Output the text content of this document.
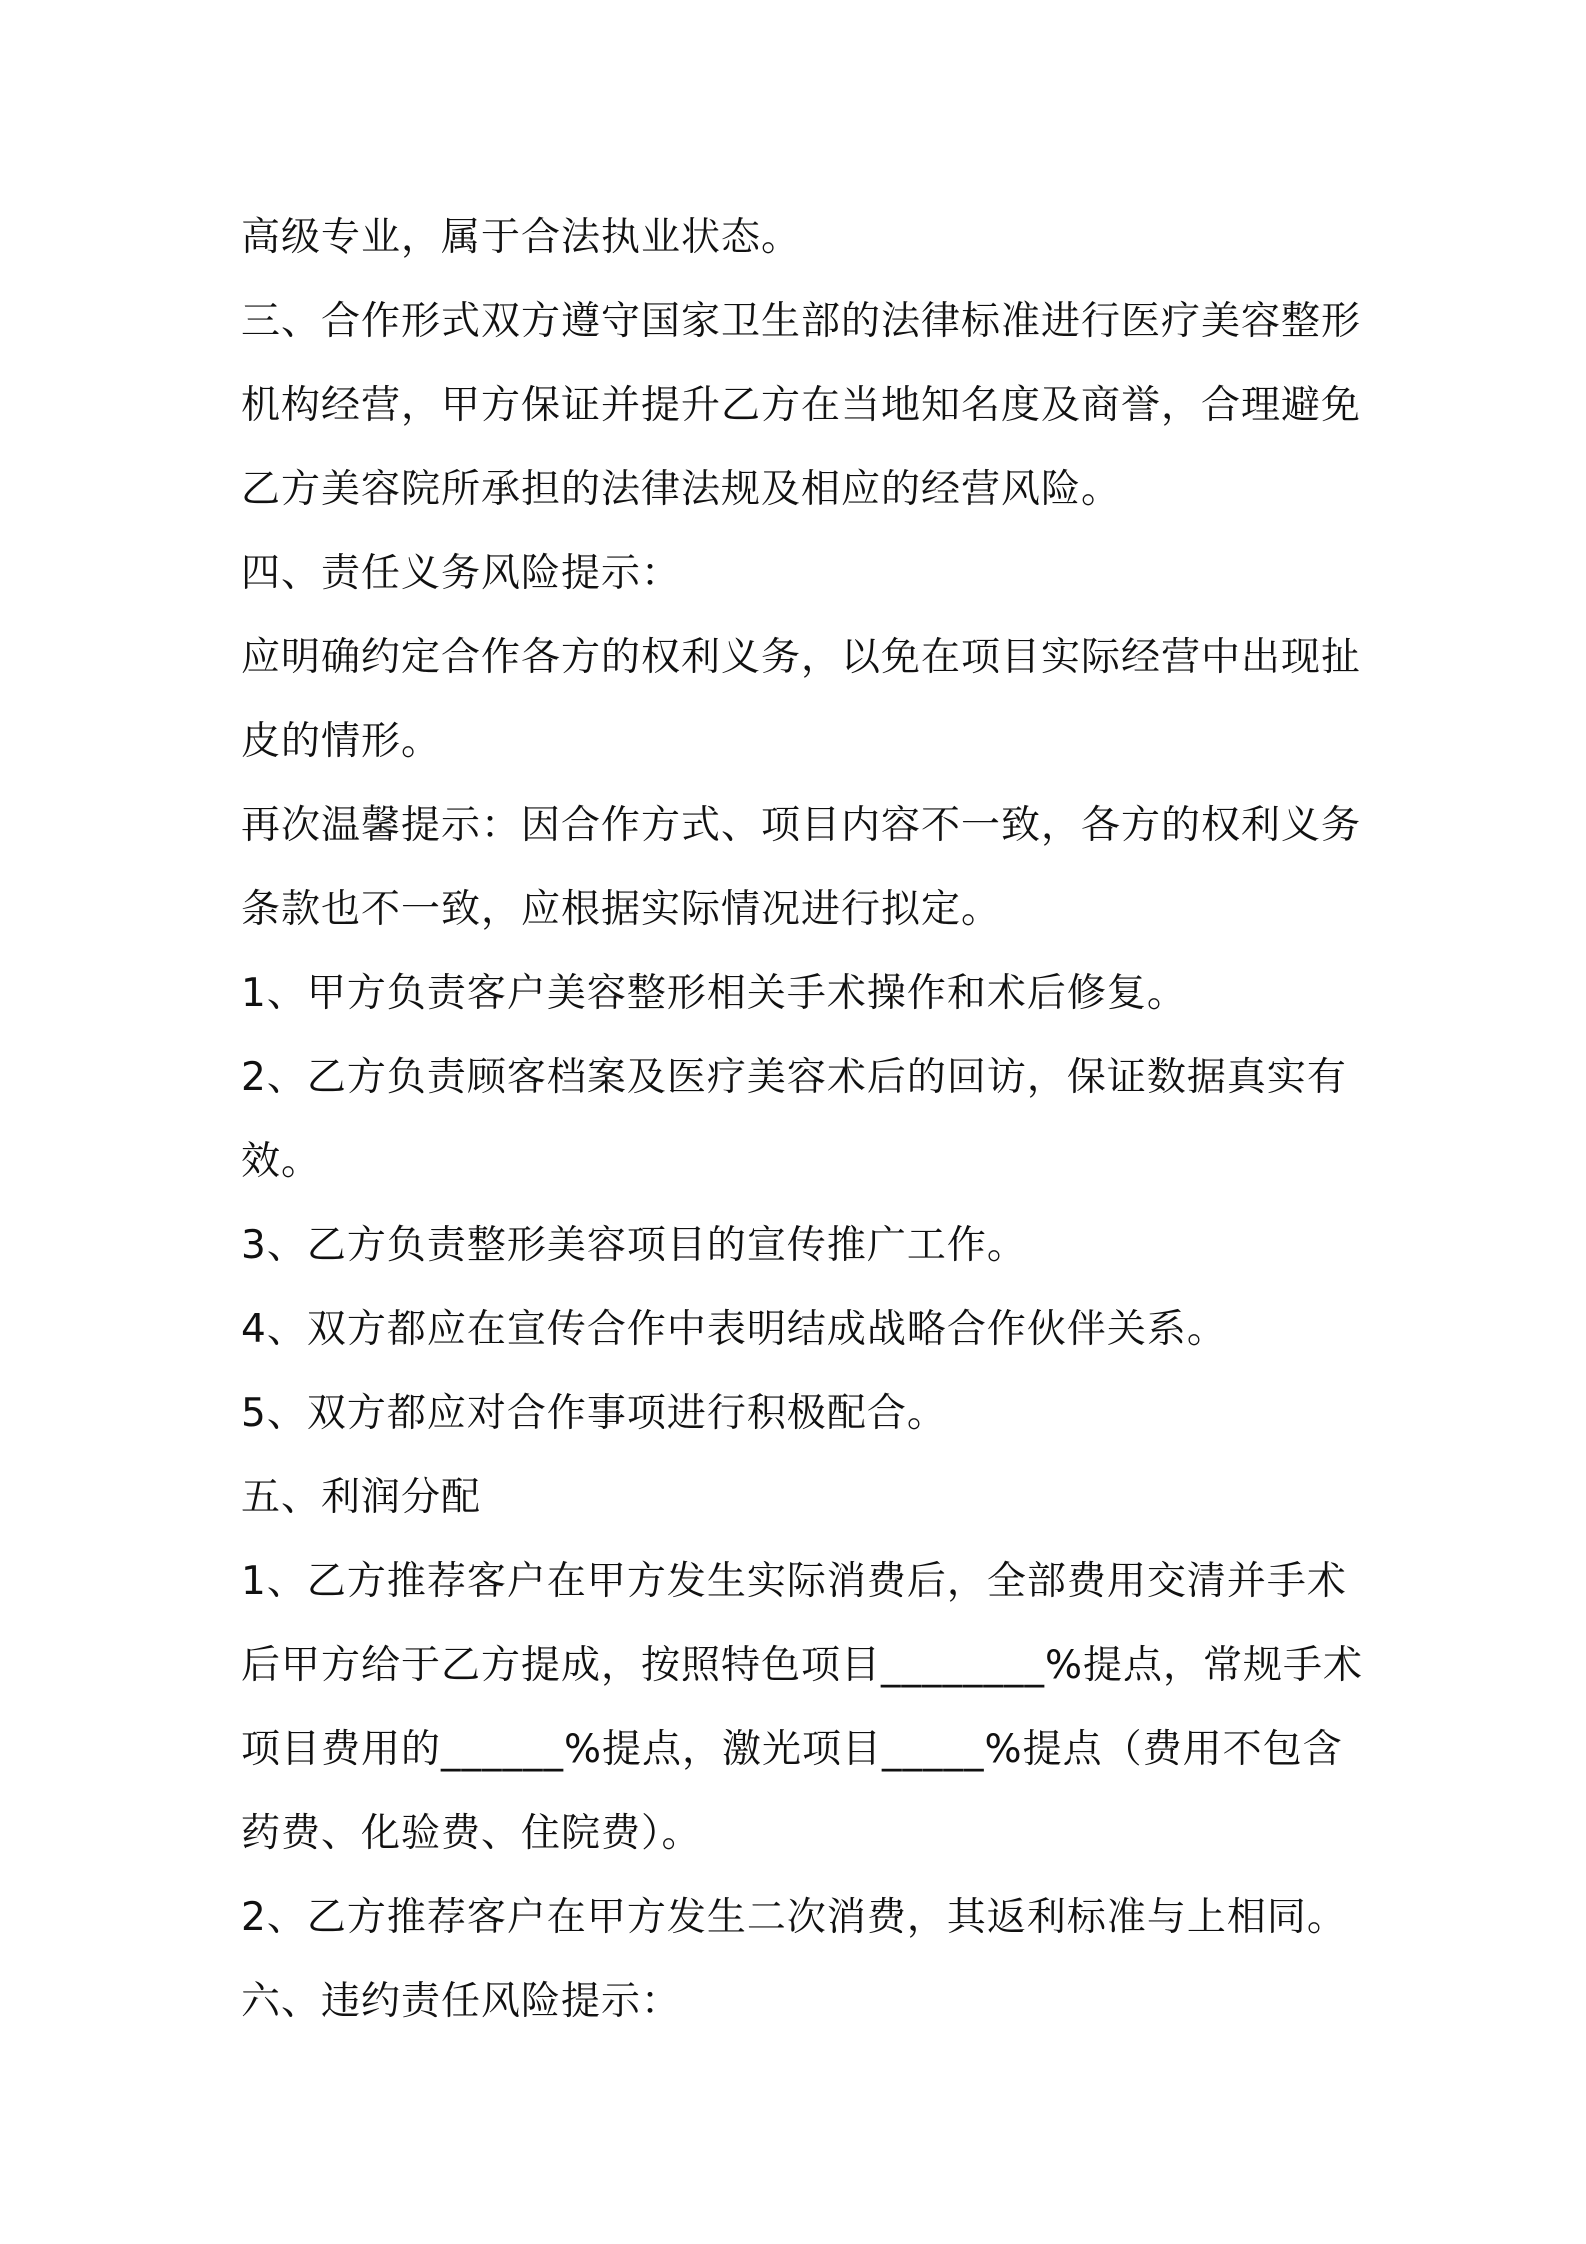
高级专业，属于合法执业状态。
三、合作形式双方遵守国家卫生部的法律标准进行医疗美容整形
机构经营，甲方保证并提升乙方在当地知名度及商誉，合理避免
乙方美容院所承担的法律法规及相应的经营风险。
四、责任义务风险提示：
应明确约定合作各方的权利义务，以免在项目实际经营中出现扯
皮的情形。
再次温馨提示：因合作方式、项目内容不一致，各方的权利义务
条款也不一致，应根据实际情况进行拟定。
1、甲方负责客户美容整形相关手术操作和术后修复。
2、乙方负责顾客档案及医疗美容术后的回访，保证数据真实有
效。
3、乙方负责整形美容项目的宣传推广工作。
4、双方都应在宣传合作中表明结成战略合作伙伴关系。
5、双方都应对合作事项进行积极配合。
五、利润分配
1、乙方推荐客户在甲方发生实际消费后，全部费用交清并手术
后甲方给于乙方提成，按照特色项目________%提点，常规手术
项目费用的______%提点，激光项目_____%提点（费用不包含
药费、化验费、住院费）。
2、乙方推荐客户在甲方发生二次消费，其返利标准与上相同。
六、违约责任风险提示：
